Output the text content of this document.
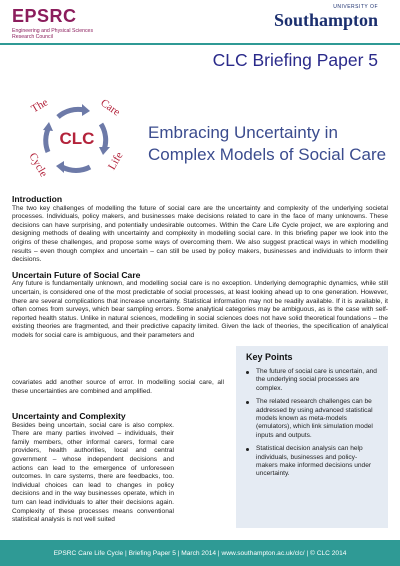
EPSRC
Engineering and Physical Sciences Research Council
UNIVERSITY OF
Southampton
CLC Briefing Paper 5
CLC
The	Care
Life
Cycle
Embracing Uncertainty in Complex Models of Social Care
Introduction

The two key challenges of modelling the future of social care are the uncertainty and complexity of the underlying societal processes. Individuals, policy makers, and businesses make decisions related to care in the face of many unknowns. These decisions can have surprising, and potentially undesirable outcomes. Within the Care Life Cycle project, we are exploring and designing methods of dealing with uncertainty and complexity in modelling social care. In this briefing paper we look into the origins of these challenges, and propose some ways of overcoming them. We also suggest practical ways in which modelling results – even though complex and uncertain – can still be used by policy makers, businesses and individuals to inform their decisions.

Uncertain Future of Social Care

Any future is fundamentally unknown, and modelling social care is no exception. Underlying demographic dynamics, while still uncertain, is considered one of the most predictable of social processes, at least looking ahead up to one generation. However, there are several complications that increase uncertainty. Statistical information may not be readily available. If it is available, it often comes from surveys, which bear sampling errors. Some analytical categories may be ambiguous, as is the case with self-reported health status. Unlike in natural sciences, modelling in social sciences does not have solid theoretical foundations – the existing theories are fragmented, and their predictive capacity limited. Given the lack of theories, the specification of analytical models for social care is ambiguous, and their parameters and

covariates add another source of error. In modelling social care, all these uncertainties are combined and amplified.
Uncertainty and Complexity

Besides being uncertain, social care is also complex. There are many parties involved – individuals, their family members, other informal carers, formal care providers, health authorities, local and central government – whose independent decisions and actions can lead to the emergence of unforeseen outcomes. In care systems, there are feedbacks, too. Individual choices can lead to changes in policy decisions and in the way businesses operate, which in turn can lead individuals to alter their decisions again. Complexity of these processes means conventional statistical analysis is not well suited

Key Points
The future of social care is uncertain, and the underlying social processes are complex.
The related research challenges can be addressed by using advanced statistical models known as meta-models (emulators), which link simulation model inputs and outputs.
Statistical decision analysis can help individuals, businesses and policy-makers make informed decisions under uncertainty.
EPSRC Care Life Cycle | Briefing Paper 5 | March 2014 | www.southampton.ac.uk/clc/ | © CLC 2014
